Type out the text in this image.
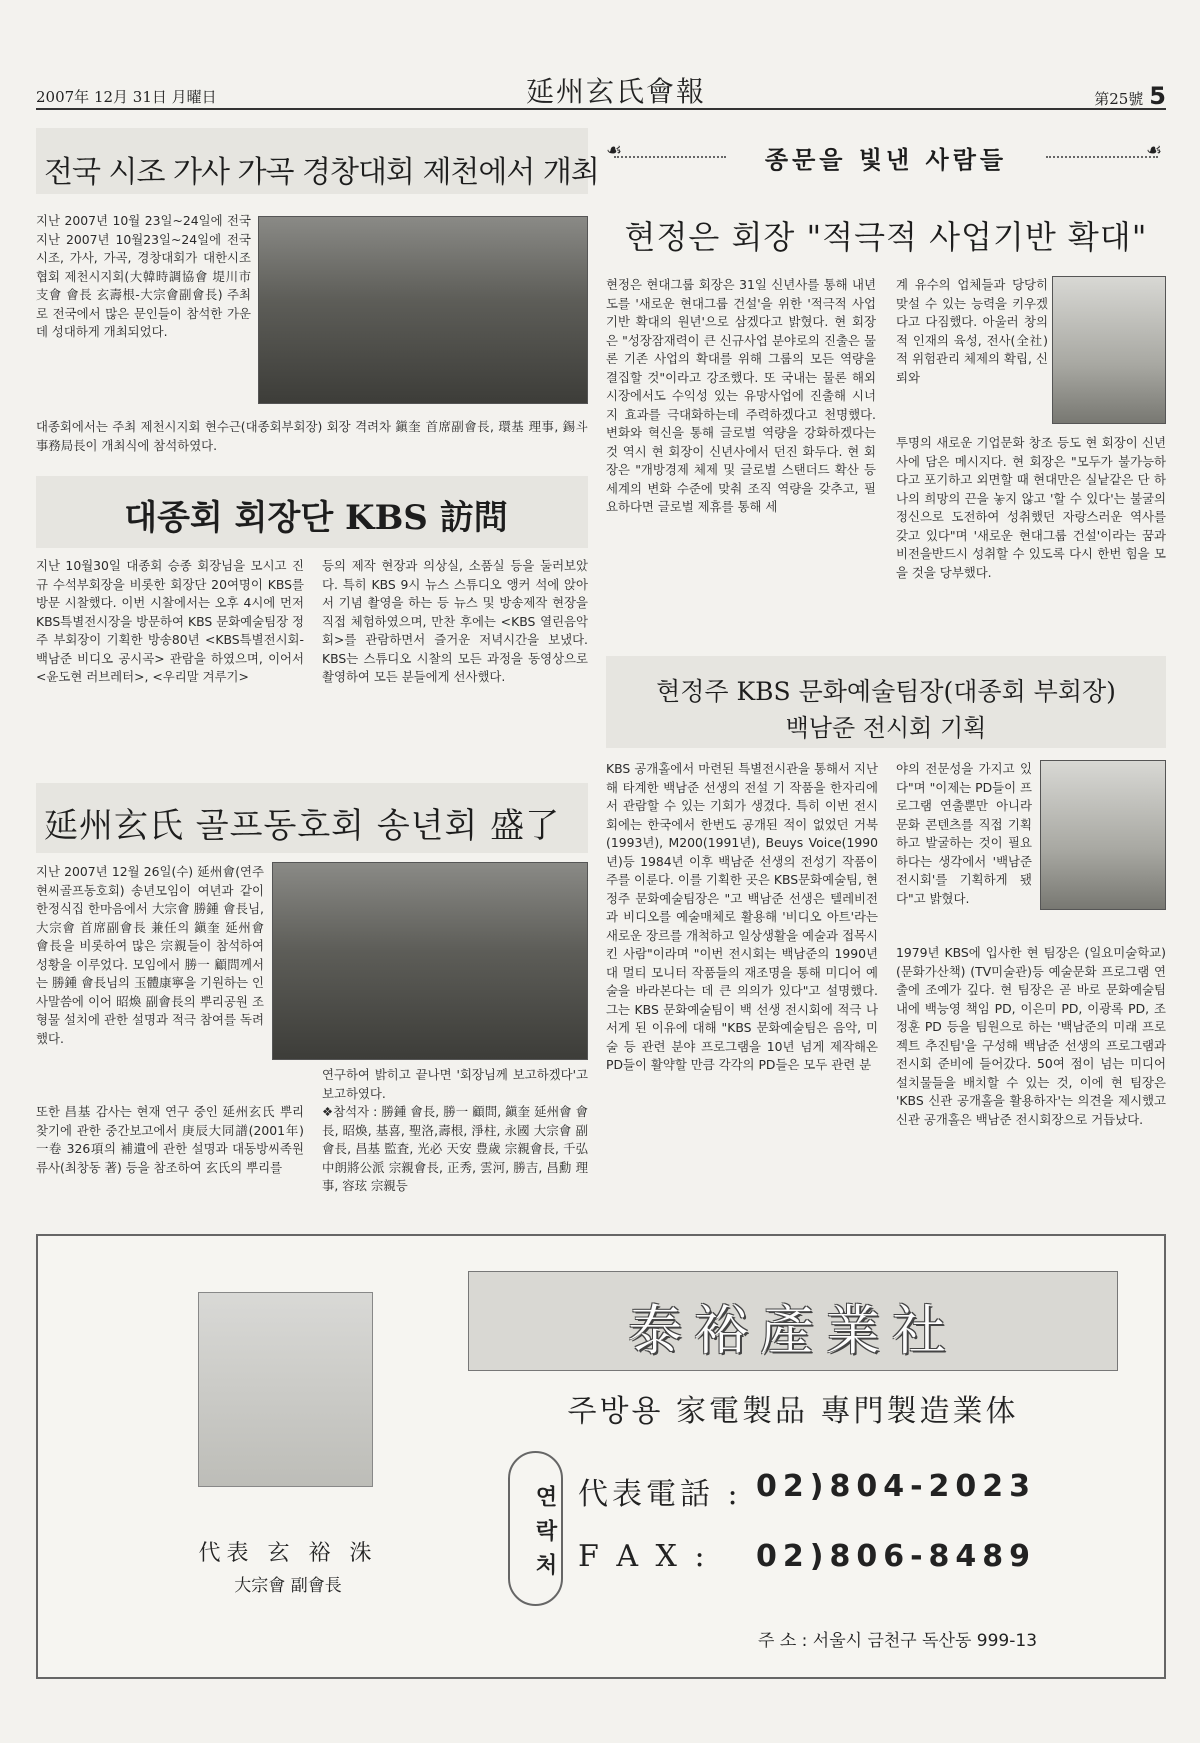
2007年 12月 31日 月曜日	延州玄氏會報	第25號 5
전국 시조 가사 가곡 경창대회 제천에서 개최
지난 2007년 10월 23일~24일에 전국 지난 2007년 10월23일~24일에 전국 시조, 가사, 가곡, 경창대회가 대한시조협회 제천시지회(大韓時調協會 堤川市支會 會長 玄壽根-大宗會副會長) 주최로 전국에서 많은 문인들이 참석한 가운데 성대하게 개최되었다.
대종회에서는 주최 제천시지회 현수근(대종회부회장) 회장 격려차 鎭奎 首席副會長, 環基 理事, 錫斗 事務局長이 개최식에 참석하였다.
대종회 회장단 KBS 訪問
지난 10월30일 대종회 승종 회장님을 모시고 진규 수석부회장을 비롯한 회장단 20여명이 KBS를 방문 시찰했다. 이번 시찰에서는 오후 4시에 먼저 KBS특별전시장을 방문하여 KBS 문화예술팀장 정주 부회장이 기획한 방송80년 <KBS특별전시회- 백남준 비디오 공시곡> 관람을 하였으며, 이어서 <윤도현 러브레터>, <우리말 겨루기>
등의 제작 현장과 의상실, 소품실 등을 둘러보았다. 특히 KBS 9시 뉴스 스튜디오 앵커 석에 앉아서 기념 촬영을 하는 등 뉴스 및 방송제작 현장을 직접 체험하였으며, 만찬 후에는 <KBS 열린음악회>를 관람하면서 즐거운 저녁시간을 보냈다. KBS는 스튜디오 시찰의 모든 과정을 동영상으로 촬영하여 모든 분들에게 선사했다.
延州玄氏 골프동호회 송년회 盛了
지난 2007년 12월 26일(수) 延州會(연주현씨골프동호회) 송년모임이 여년과 같이 한정식집 한마음에서 大宗會 勝鍾 會長님, 大宗會 首席副會長 兼任의 鎭奎 延州會 會長을 비롯하여 많은 宗親들이 참석하여 성황을 이루었다. 모임에서 勝一 顧問께서는 勝鍾 會長님의 玉體康寧을 기원하는 인사말씀에 이어 昭煥 副會長의 뿌리공원 조형물 설치에 관한 설명과 적극 참여를 독려했다.
또한 昌基 감사는 현재 연구 중인 延州玄氏 뿌리찾기에 관한 중간보고에서 庚辰大同譜(2001年) 一卷 326項의 補遺에 관한 설명과 대동방씨족원류사(최창동 著) 등을 참조하여 玄氏의 뿌리를
연구하여 밝히고 끝나면 '회장님께 보고하겠다'고 보고하였다.
❖참석자 : 勝鍾 會長, 勝一 顧問, 鎭奎 延州會 會長, 昭煥, 基喜, 聖洛,壽根, 淨柱, 永國 大宗會 副會長, 昌基 監査, 光必 天安 豊歲 宗親會長, 千弘 中朗將公派 宗親會長, 正秀, 雲河, 勝吉, 昌勳 理事, 容玹 宗親등
☙	종문을 빛낸 사람들	☙
현정은 회장 "적극적 사업기반 확대"
현정은 현대그룹 회장은 31일 신년사를 통해 내년도를 '새로운 현대그룹 건설'을 위한 '적극적 사업기반 확대의 원년'으로 삼겠다고 밝혔다. 현 회장은 "성장잠재력이 큰 신규사업 분야로의 진출은 물론 기존 사업의 확대를 위해 그룹의 모든 역량을 결집할 것"이라고 강조했다. 또 국내는 물론 해외시장에서도 수익성 있는 유망사업에 진출해 시너지 효과를 극대화하는데 주력하겠다고 천명했다. 변화와 혁신을 통해 글로벌 역량을 강화하겠다는 것 역시 현 회장이 신년사에서 던진 화두다. 현 회장은 "개방경제 체제 및 글로벌 스탠더드 확산 등 세계의 변화 수준에 맞춰 조직 역량을 갖추고, 필요하다면 글로벌 제휴를 통해 세
계 유수의 업체들과 당당히 맞설 수 있는 능력을 키우겠다고 다짐했다. 아울러 창의적 인재의 육성, 전사(全社)적 위험관리 체제의 확립, 신뢰와
투명의 새로운 기업문화 창조 등도 현 회장이 신년사에 담은 메시지다. 현 회장은 "모두가 불가능하다고 포기하고 외면할 때 현대만은 실낱같은 단 하나의 희망의 끈을 놓지 않고 '할 수 있다'는 불굴의 정신으로 도전하여 성취했던 자랑스러운 역사를 갖고 있다"며 '새로운 현대그룹 건설'이라는 꿈과 비전을반드시 성취할 수 있도록 다시 한번 힘을 모을 것을 당부했다.
현정주 KBS 문화예술팀장(대종회 부회장)
백남준 전시회 기획
KBS 공개홀에서 마련된 특별전시관을 통해서 지난해 타계한 백남준 선생의 전설 기 작품을 한자리에서 관람할 수 있는 기회가 생겼다. 특히 이번 전시회에는 한국에서 한번도 공개된 적이 없었던 거북(1993년), M200(1991년), Beuys Voice(1990년)등 1984년 이후 백남준 선생의 전성기 작품이 주를 이룬다. 이를 기획한 곳은 KBS문화예술팀, 현정주 문화예술팀장은 "고 백남준 선생은 텔레비전과 비디오를 예술매체로 활용해 '비디오 아트'라는 새로운 장르를 개척하고 일상생활을 예술과 접목시킨 사람"이라며 "이번 전시회는 백남준의 1990년대 멀티 모니터 작품들의 재조명을 통해 미디어 예술을 바라본다는 데 큰 의의가 있다"고 설명했다. 그는 KBS 문화예술팀이 백 선생 전시회에 적극 나서게 된 이유에 대해 "KBS 문화예술팀은 음악, 미술 등 관련 분야 프로그램을 10년 넘게 제작해온 PD들이 활약할 만큼 각각의 PD들은 모두 관련 분
야의 전문성을 가지고 있다"며 "이제는 PD들이 프로그램 연출뿐만 아니라 문화 콘텐츠를 직접 기획하고 발굴하는 것이 필요하다는 생각에서 '백남준 전시회'를 기획하게 됐다"고 밝혔다.
1979년 KBS에 입사한 현 팀장은 (일요미술학교) (문화가산책) (TV미술관)등 예술문화 프로그램 연출에 조예가 깊다. 현 팀장은 곧 바로 문화예술팀 내에 백능영 책임 PD, 이은미 PD, 이광록 PD, 조정훈 PD 등을 팀원으로 하는 '백남준의 미래 프로젝트 추진팀'을 구성해 백남준 선생의 프로그램과 전시회 준비에 들어갔다. 50여 점이 넘는 미디어 설치물들을 배치할 수 있는 것, 이에 현 팀장은 'KBS 신관 공개홀을 활용하자'는 의견을 제시했고 신관 공개홀은 백남준 전시회장으로 거듭났다.
代表 玄 裕 洙
大宗會 副會長
泰裕產業社
주방용 家電製品 專門製造業体
연락처 代表電話 : 02)804-2023
F A X : 02)806-8489
주 소 : 서울시 금천구 독산동 999-13
